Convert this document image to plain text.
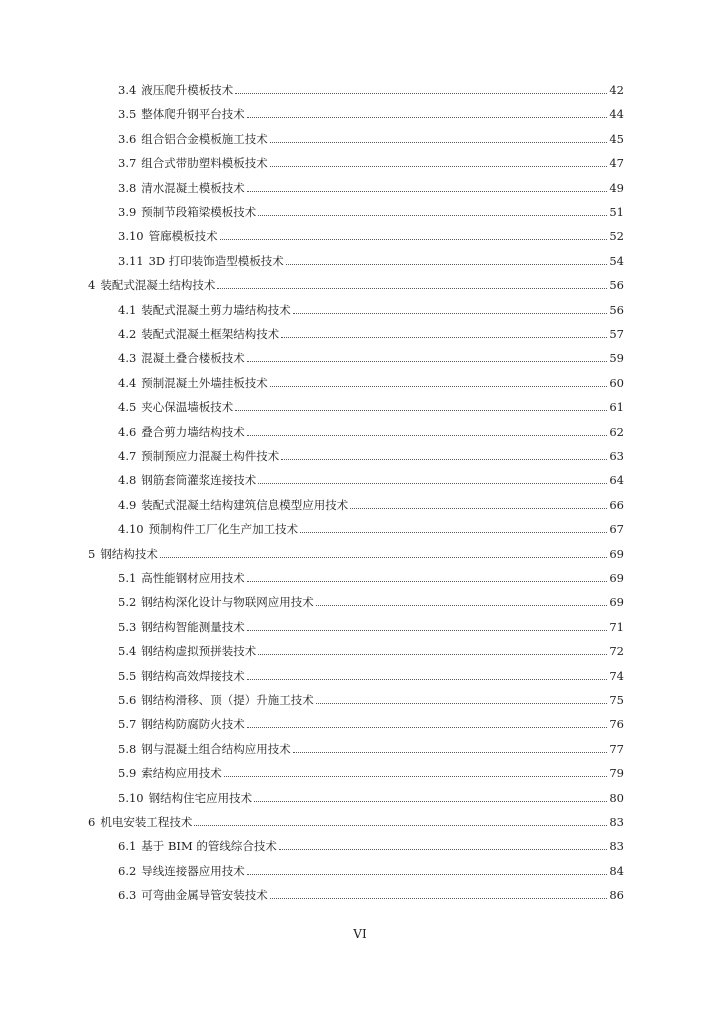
3.4 液压爬升模板技术	42
3.5 整体爬升钢平台技术	44
3.6 组合铝合金模板施工技术	45
3.7 组合式带肋塑料模板技术	47
3.8 清水混凝土模板技术	49
3.9 预制节段箱梁模板技术	51
3.10 管廊模板技术	52
3.11 3D 打印装饰造型模板技术	54
4 装配式混凝土结构技术	56
4.1 装配式混凝土剪力墙结构技术	56
4.2 装配式混凝土框架结构技术	57
4.3 混凝土叠合楼板技术	59
4.4 预制混凝土外墙挂板技术	60
4.5 夹心保温墙板技术	61
4.6 叠合剪力墙结构技术	62
4.7 预制预应力混凝土构件技术	63
4.8 钢筋套筒灌浆连接技术	64
4.9 装配式混凝土结构建筑信息模型应用技术	66
4.10 预制构件工厂化生产加工技术	67
5 钢结构技术	69
5.1 高性能钢材应用技术	69
5.2 钢结构深化设计与物联网应用技术	69
5.3 钢结构智能测量技术	71
5.4 钢结构虚拟预拼装技术	72
5.5 钢结构高效焊接技术	74
5.6 钢结构滑移、顶（提）升施工技术	75
5.7 钢结构防腐防火技术	76
5.8 钢与混凝土组合结构应用技术	77
5.9 索结构应用技术	79
5.10 钢结构住宅应用技术	80
6 机电安装工程技术	83
6.1 基于 BIM 的管线综合技术	83
6.2 导线连接器应用技术	84
6.3 可弯曲金属导管安装技术	86
VI
